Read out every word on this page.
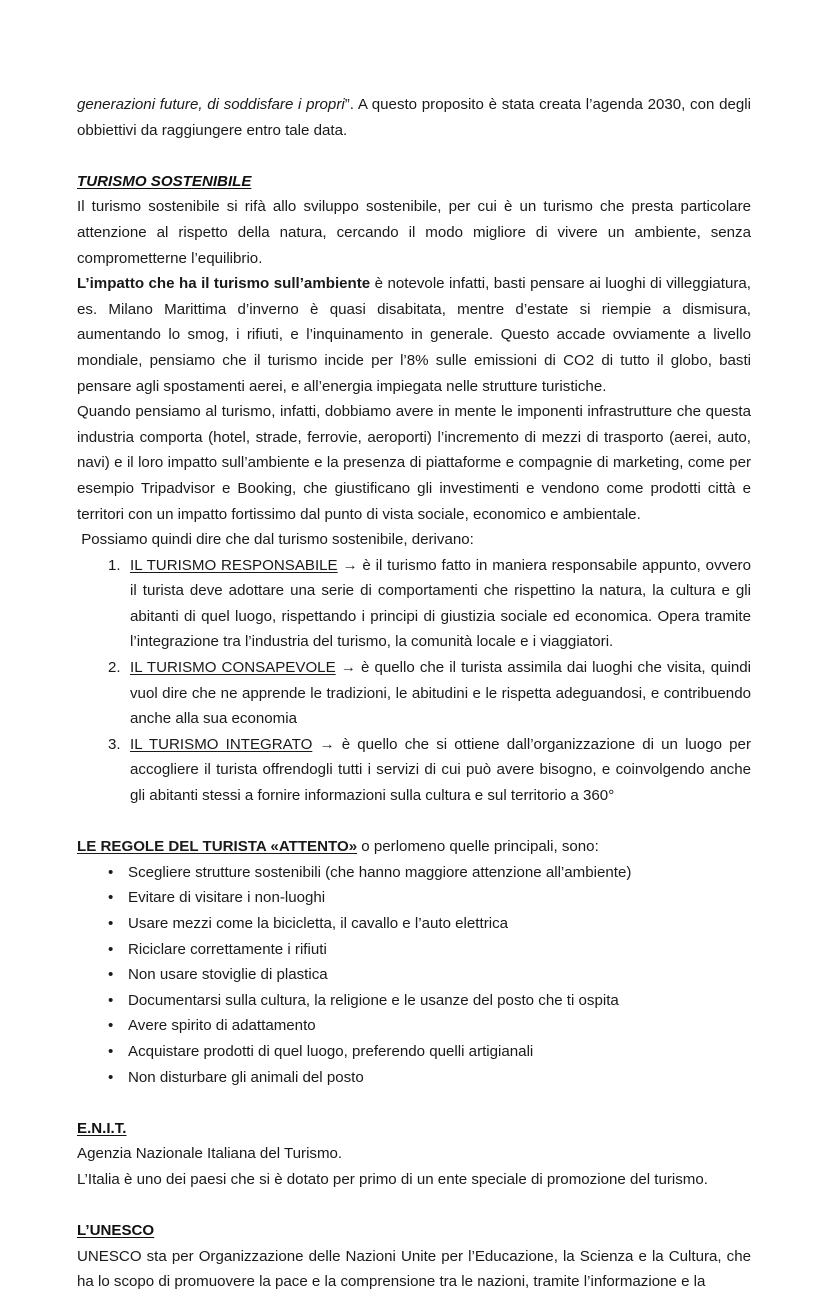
generazioni future, di soddisfare i propri”. A questo proposito è stata creata l’agenda 2030, con degli obbiettivi da raggiungere entro tale data.

TURISMO SOSTENIBILE

Il turismo sostenibile si rifà allo sviluppo sostenibile, per cui è un turismo che presta particolare attenzione al rispetto della natura, cercando il modo migliore di vivere un ambiente, senza comprometterne l’equilibrio.

L’impatto che ha il turismo sull’ambiente è notevole infatti, basti pensare ai luoghi di villeggiatura, es. Milano Marittima d’inverno è quasi disabitata, mentre d’estate si riempie a dismisura, aumentando lo smog, i rifiuti, e l’inquinamento in generale. Questo accade ovviamente a livello mondiale, pensiamo che il turismo incide per l’8% sulle emissioni di CO2 di tutto il globo, basti pensare agli spostamenti aerei, e all’energia impiegata nelle strutture turistiche.

Quando pensiamo al turismo, infatti, dobbiamo avere in mente le imponenti infrastrutture che questa industria comporta (hotel, strade, ferrovie, aeroporti) l’incremento di mezzi di trasporto (aerei, auto, navi) e il loro impatto sull’ambiente e la presenza di piattaforme e compagnie di marketing, come per esempio Tripadvisor e Booking, che giustificano gli investimenti e vendono come prodotti città e territori con un impatto fortissimo dal punto di vista sociale, economico e ambientale.

Possiamo quindi dire che dal turismo sostenibile, derivano:

1. IL TURISMO RESPONSABILE → è il turismo fatto in maniera responsabile appunto, ovvero il turista deve adottare una serie di comportamenti che rispettino la natura, la cultura e gli abitanti di quel luogo, rispettando i principi di giustizia sociale ed economica. Opera tramite l’integrazione tra l’industria del turismo, la comunità locale e i viaggiatori.
2. IL TURISMO CONSAPEVOLE → è quello che il turista assimila dai luoghi che visita, quindi vuol dire che ne apprende le tradizioni, le abitudini e le rispetta adeguandosi, e contribuendo anche alla sua economia
3. IL TURISMO INTEGRATO → è quello che si ottiene dall’organizzazione di un luogo per accogliere il turista offrendogli tutti i servizi di cui può avere bisogno, e coinvolgendo anche gli abitanti stessi a fornire informazioni sulla cultura e sul territorio a 360°

LE REGOLE DEL TURISTA «ATTENTO» o perlomeno quelle principali, sono:

• Scegliere strutture sostenibili (che hanno maggiore attenzione all’ambiente)
• Evitare di visitare i non-luoghi
• Usare mezzi come la bicicletta, il cavallo e l’auto elettrica
• Riciclare correttamente i rifiuti
• Non usare stoviglie di plastica
• Documentarsi sulla cultura, la religione e le usanze del posto che ti ospita
• Avere spirito di adattamento
• Acquistare prodotti di quel luogo, preferendo quelli artigianali
• Non disturbare gli animali del posto

E.N.I.T.

Agenzia Nazionale Italiana del Turismo.

L’Italia è uno dei paesi che si è dotato per primo di un ente speciale di promozione del turismo.

L’UNESCO

UNESCO sta per Organizzazione delle Nazioni Unite per l’Educazione, la Scienza e la Cultura, che ha lo scopo di promuovere la pace e la comprensione tra le nazioni, tramite l’informazione e la
